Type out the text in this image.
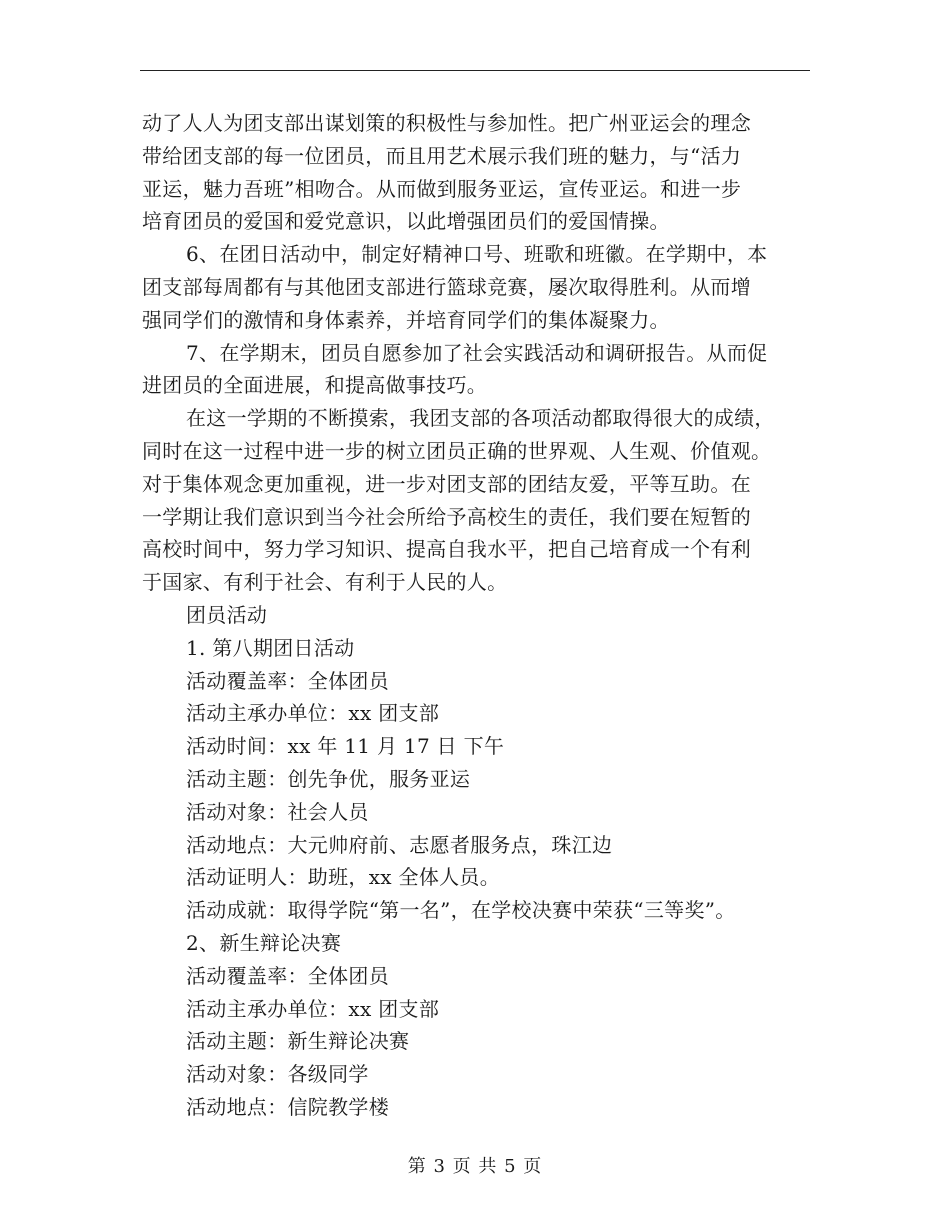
动了人人为团支部出谋划策的积极性与参加性。把广州亚运会的理念
带给团支部的每一位团员，而且用艺术展示我们班的魅力，与“活力
亚运，魅力吾班”相吻合。从而做到服务亚运，宣传亚运。和进一步
培育团员的爱国和爱党意识，以此增强团员们的爱国情操。
6、在团日活动中，制定好精神口号、班歌和班徽。在学期中，本
团支部每周都有与其他团支部进行篮球竞赛，屡次取得胜利。从而增
强同学们的激情和身体素养，并培育同学们的集体凝聚力。
7、在学期末，团员自愿参加了社会实践活动和调研报告。从而促
进团员的全面进展，和提高做事技巧。
在这一学期的不断摸索，我团支部的各项活动都取得很大的成绩，
同时在这一过程中进一步的树立团员正确的世界观、人生观、价值观。
对于集体观念更加重视，进一步对团支部的团结友爱，平等互助。在
一学期让我们意识到当今社会所给予高校生的责任，我们要在短暂的
高校时间中，努力学习知识、提高自我水平，把自己培育成一个有利
于国家、有利于社会、有利于人民的人。
团员活动
1. 第八期团日活动
活动覆盖率：全体团员
活动主承办单位：xx 团支部
活动时间：xx 年 11 月 17 日 下午
活动主题：创先争优，服务亚运
活动对象：社会人员
活动地点：大元帅府前、志愿者服务点，珠江边
活动证明人：助班，xx 全体人员。
活动成就：取得学院“第一名”，在学校决赛中荣获“三等奖”。
2、新生辩论决赛
活动覆盖率：全体团员
活动主承办单位：xx 团支部
活动主题：新生辩论决赛
活动对象：各级同学
活动地点：信院教学楼
第 3 页 共 5 页
